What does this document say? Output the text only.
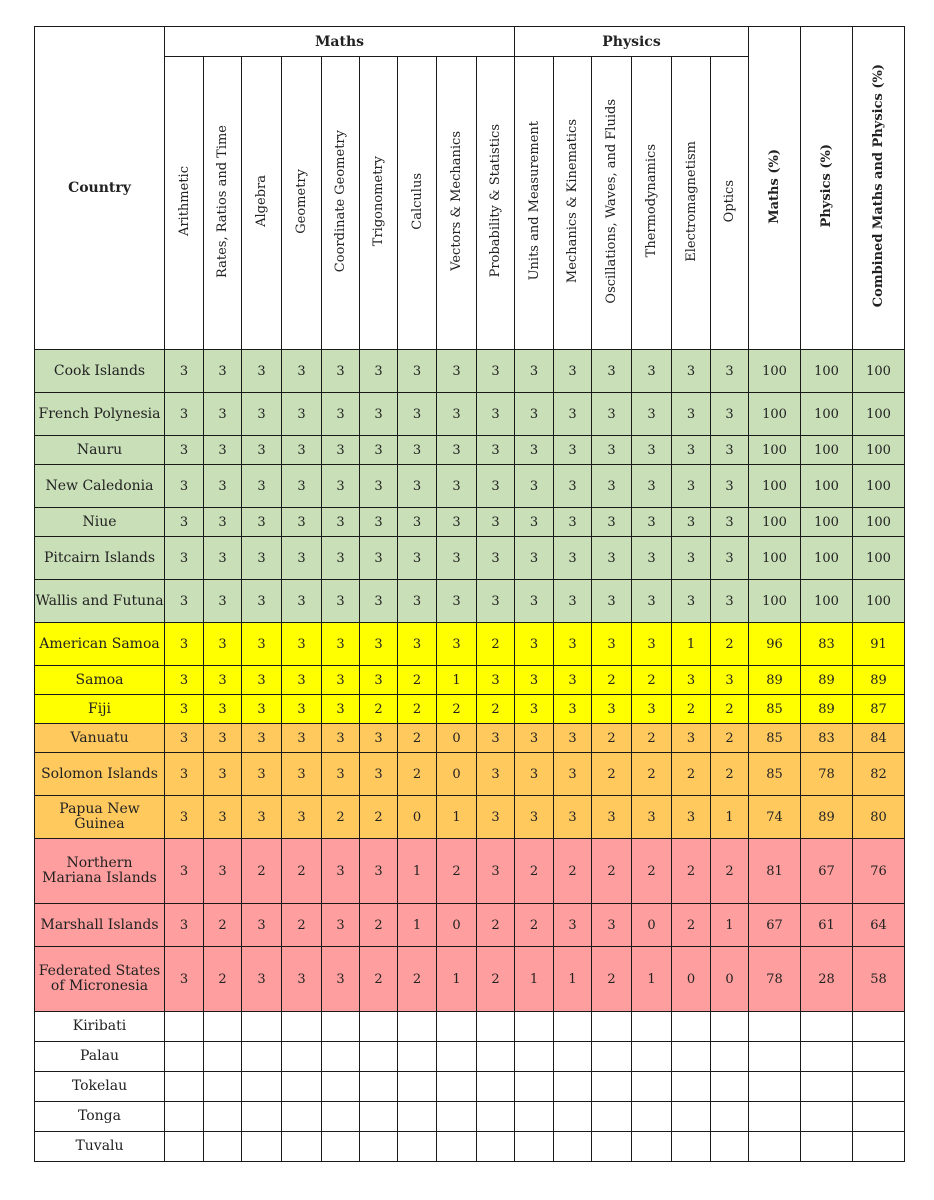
Country	Maths									Physics						Maths (%)	Physics (%)	Combined Maths and Physics (%)
	Arithmetic	Rates, Ratios and Time	Algebra	Geometry	Coordinate Geometry	Trigonometry	Calculus	Vectors & Mechanics	Probability & Statistics	Units and Measurement	Mechanics & Kinematics	Oscillations, Waves, and Fluids	Thermodynamics	Electromagnetism	Optics			
Cook Islands	3	3	3	3	3	3	3	3	3	3	3	3	3	3	3	100	100	100
French Polynesia	3	3	3	3	3	3	3	3	3	3	3	3	3	3	3	100	100	100
Nauru	3	3	3	3	3	3	3	3	3	3	3	3	3	3	3	100	100	100
New Caledonia	3	3	3	3	3	3	3	3	3	3	3	3	3	3	3	100	100	100
Niue	3	3	3	3	3	3	3	3	3	3	3	3	3	3	3	100	100	100
Pitcairn Islands	3	3	3	3	3	3	3	3	3	3	3	3	3	3	3	100	100	100
Wallis and Futuna	3	3	3	3	3	3	3	3	3	3	3	3	3	3	3	100	100	100
American Samoa	3	3	3	3	3	3	3	3	2	3	3	3	3	1	2	96	83	91
Samoa	3	3	3	3	3	3	2	1	3	3	3	2	2	3	3	89	89	89
Fiji	3	3	3	3	3	2	2	2	2	3	3	3	3	2	2	85	89	87
Vanuatu	3	3	3	3	3	3	2	0	3	3	3	2	2	3	2	85	83	84
Solomon Islands	3	3	3	3	3	3	2	0	3	3	3	2	2	2	2	85	78	82
Papua New Guinea	3	3	3	3	2	2	0	1	3	3	3	3	3	3	1	74	89	80
Northern Mariana Islands	3	3	2	2	3	3	1	2	3	2	2	2	2	2	2	81	67	76
Marshall Islands	3	2	3	2	3	2	1	0	2	2	3	3	0	2	1	67	61	64
Federated States of Micronesia	3	2	3	3	3	2	2	1	2	1	1	2	1	0	0	78	28	58
Kiribati																		
Palau																		
Tokelau																		
Tonga																		
Tuvalu																		
